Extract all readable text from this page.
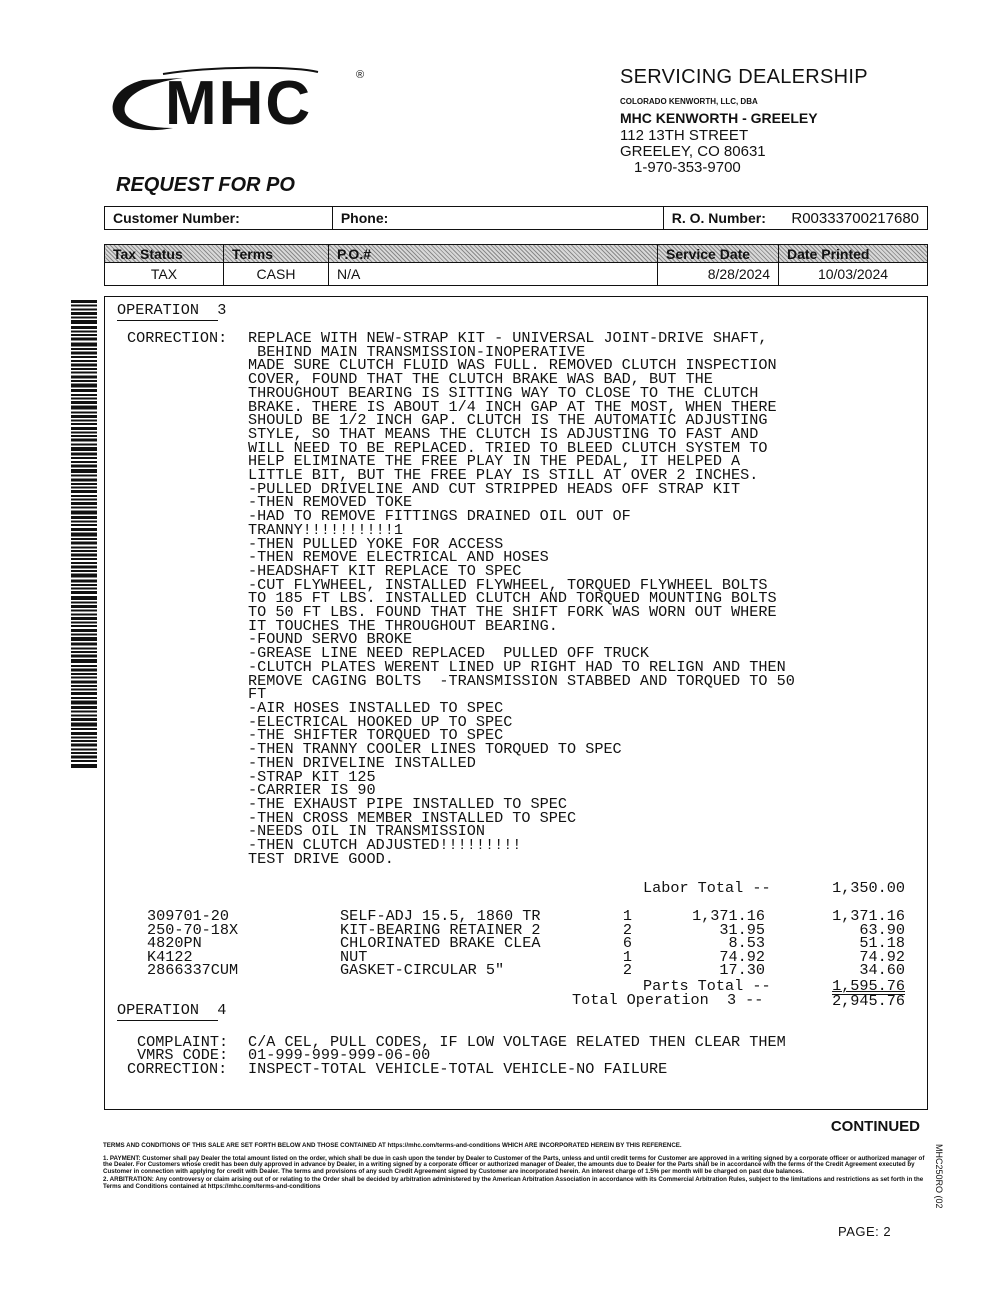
MHC	®	SERVICING DEALERSHIP
COLORADO KENWORTH, LLC, DBA
MHC KENWORTH - GREELEY
112 13TH STREET
GREELEY, CO 80631
1-970-353-9700
REQUEST FOR PO
Customer Number:	Phone:	R. O. Number:	R00333700217680
Tax Status	Terms	P.O.#	Service Date	Date Printed
TAX	CASH	N/A	8/28/2024	10/03/2024
OPERATION  3
CORRECTION: REPLACE WITH NEW-STRAP KIT - UNIVERSAL JOINT-DRIVE SHAFT,
BEHIND MAIN TRANSMISSION-INOPERATIVE
MADE SURE CLUTCH FLUID WAS FULL. REMOVED CLUTCH INSPECTION
COVER, FOUND THAT THE CLUTCH BRAKE WAS BAD, BUT THE
THROUGHOUT BEARING IS SITTING WAY TO CLOSE TO THE CLUTCH
BRAKE. THERE IS ABOUT 1/4 INCH GAP AT THE MOST, WHEN THERE
SHOULD BE 1/2 INCH GAP. CLUTCH IS THE AUTOMATIC ADJUSTING
STYLE, SO THAT MEANS THE CLUTCH IS ADJUSTING TO FAST AND
WILL NEED TO BE REPLACED. TRIED TO BLEED CLUTCH SYSTEM TO
HELP ELIMINATE THE FREE PLAY IN THE PEDAL, IT HELPED A
LITTLE BIT, BUT THE FREE PLAY IS STILL AT OVER 2 INCHES.
-PULLED DRIVELINE AND CUT STRIPPED HEADS OFF STRAP KIT
-THEN REMOVED TOKE
-HAD TO REMOVE FITTINGS DRAINED OIL OUT OF
TRANNY!!!!!!!!!!1
-THEN PULLED YOKE FOR ACCESS
-THEN REMOVE ELECTRICAL AND HOSES
-HEADSHAFT KIT REPLACE TO SPEC
-CUT FLYWHEEL, INSTALLED FLYWHEEL, TORQUED FLYWHEEL BOLTS
TO 185 FT LBS. INSTALLED CLUTCH AND TORQUED MOUNTING BOLTS
TO 50 FT LBS. FOUND THAT THE SHIFT FORK WAS WORN OUT WHERE
IT TOUCHES THE THROUGHOUT BEARING.
-FOUND SERVO BROKE
-GREASE LINE NEED REPLACED  PULLED OFF TRUCK
-CLUTCH PLATES WERENT LINED UP RIGHT HAD TO RELIGN AND THEN
REMOVE CAGING BOLTS  -TRANSMISSION STABBED AND TORQUED TO 50
FT
-AIR HOSES INSTALLED TO SPEC
-ELECTRICAL HOOKED UP TO SPEC
-THE SHIFTER TORQUED TO SPEC
-THEN TRANNY COOLER LINES TORQUED TO SPEC
-THEN DRIVELINE INSTALLED
-STRAP KIT 125
-CARRIER IS 90
-THE EXHAUST PIPE INSTALLED TO SPEC
-THEN CROSS MEMBER INSTALLED TO SPEC
-NEEDS OIL IN TRANSMISSION
-THEN CLUTCH ADJUSTED!!!!!!!!!
TEST DRIVE GOOD.
Labor Total --	1,350.00
309701-20	SELF-ADJ 15.5, 1860 TR	1	1,371.16	1,371.16
250-70-18X	KIT-BEARING RETAINER 2	2	31.95	63.90
4820PN	CHLORINATED BRAKE CLEA	6	8.53	51.18
K4122	NUT	1	74.92	74.92
2866337CUM	GASKET-CIRCULAR 5"	2	17.30	34.60
Parts Total --	1,595.76
Total Operation  3 --	2,945.76
OPERATION  4
COMPLAINT: C/A CEL, PULL CODES, IF LOW VOLTAGE RELATED THEN CLEAR THEM
VMRS CODE: 01-999-999-999-06-00
CORRECTION: INSPECT-TOTAL VEHICLE-TOTAL VEHICLE-NO FAILURE
CONTINUED
TERMS AND CONDITIONS OF THIS SALE ARE SET FORTH BELOW AND THOSE CONTAINED AT https://mhc.com/terms-and-conditions WHICH ARE INCORPORATED HEREIN BY THIS REFERENCE.
1. PAYMENT: Customer shall pay Dealer the total amount listed on the order, which shall be due in cash upon the tender by Dealer to Customer of the Parts, unless and until credit terms for Customer are approved in a writing signed by a corporate officer or authorized manager of the Dealer. For Customers whose credit has been duly approved in advance by Dealer, in a writing signed by a corporate officer or authorized manager of Dealer, the amounts due to Dealer for the Parts shall be in accordance with the terms of the Credit Agreement executed by Customer in connection with applying for credit with Dealer. The terms and provisions of any such Credit Agreement signed by Customer are incorporated herein. An interest charge of 1.5% per month will be charged on past due balances.
2. ARBITRATION: Any controversy or claim arising out of or relating to the Order shall be decided by arbitration administered by the American Arbitration Association in accordance with its Commercial Arbitration Rules, subject to the limitations and restrictions as set forth in the Terms and Conditions contained at https://mhc.com/terms-and-conditions	MHC250RO (02
PAGE: 2
